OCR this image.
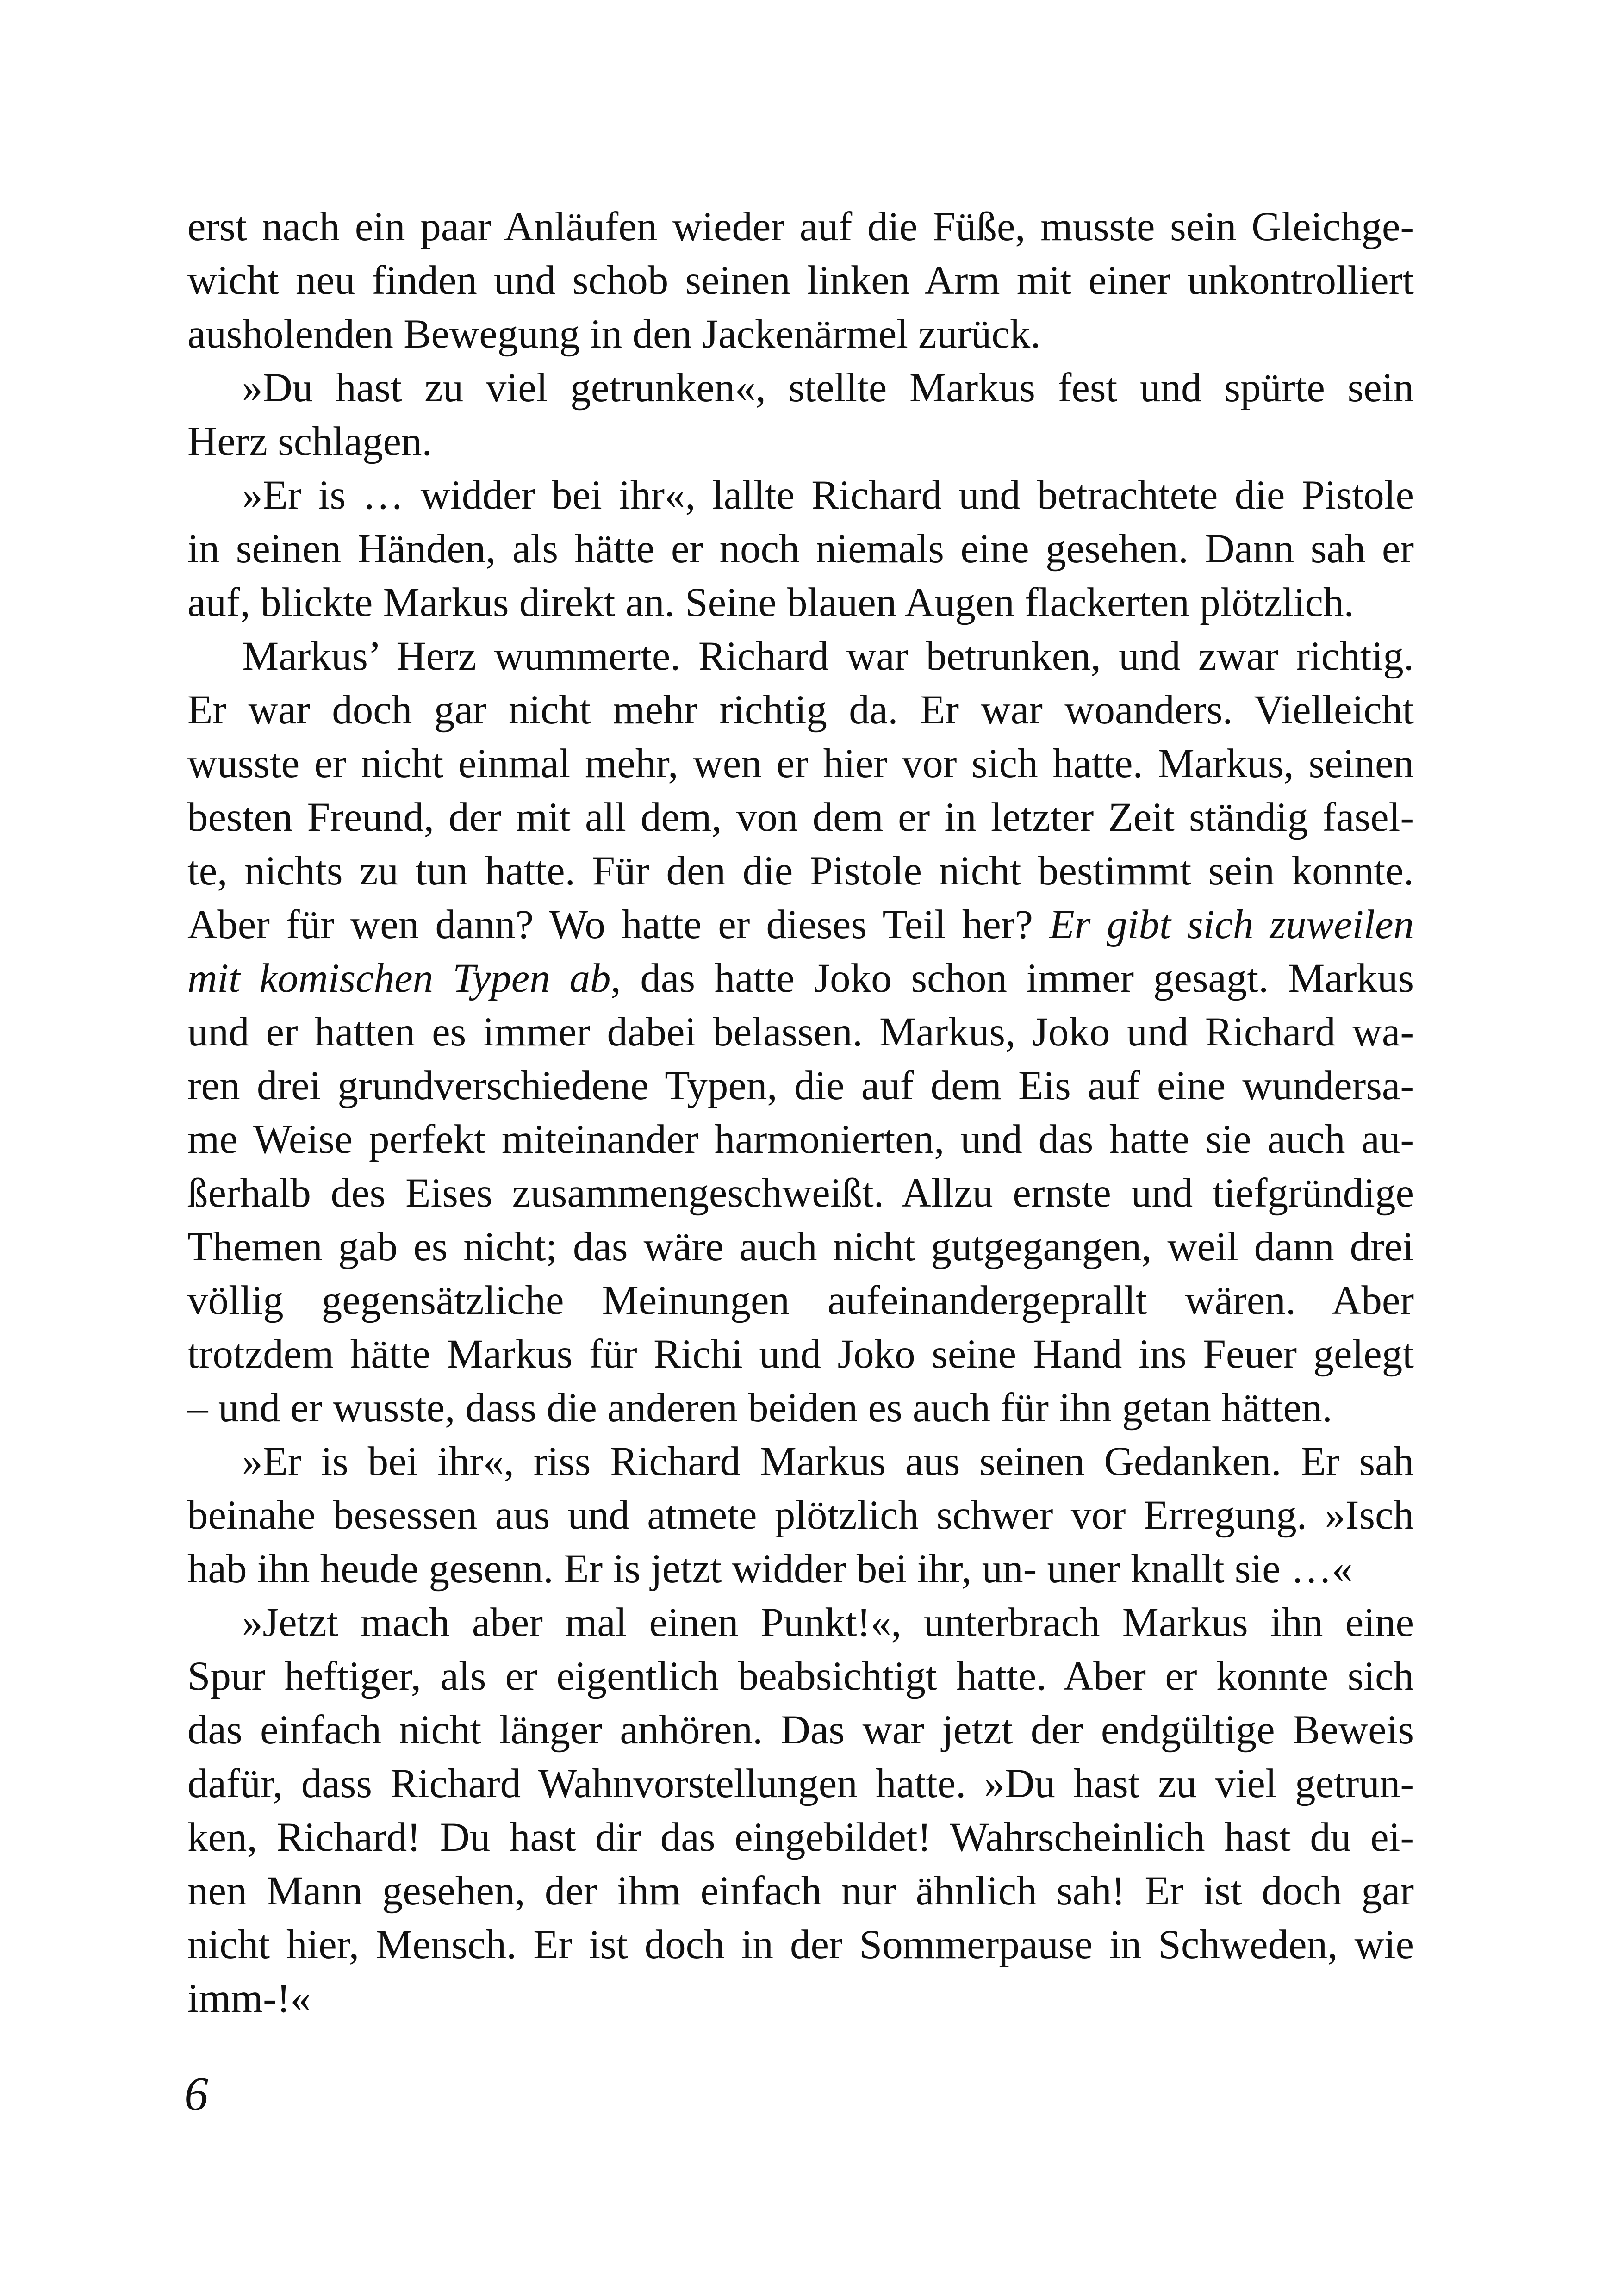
erst nach ein paar Anläufen wieder auf die Füße, musste sein Gleichge-
wicht neu finden und schob seinen linken Arm mit einer unkontrolliert
ausholenden Bewegung in den Jackenärmel zurück.
»Du hast zu viel getrunken«, stellte Markus fest und spürte sein
Herz schlagen.
»Er is … widder bei ihr«, lallte Richard und betrachtete die Pistole
in seinen Händen, als hätte er noch niemals eine gesehen. Dann sah er
auf, blickte Markus direkt an. Seine blauen Augen flackerten plötzlich.
Markus’ Herz wummerte. Richard war betrunken, und zwar richtig.
Er war doch gar nicht mehr richtig da. Er war woanders. Vielleicht
wusste er nicht einmal mehr, wen er hier vor sich hatte. Markus, seinen
besten Freund, der mit all dem, von dem er in letzter Zeit ständig fasel-
te, nichts zu tun hatte. Für den die Pistole nicht bestimmt sein konnte.
Aber für wen dann? Wo hatte er dieses Teil her? Er gibt sich zuweilen
mit komischen Typen ab, das hatte Joko schon immer gesagt. Markus
und er hatten es immer dabei belassen. Markus, Joko und Richard wa-
ren drei grundverschiedene Typen, die auf dem Eis auf eine wundersa-
me Weise perfekt miteinander harmonierten, und das hatte sie auch au-
ßerhalb des Eises zusammengeschweißt. Allzu ernste und tiefgründige
Themen gab es nicht; das wäre auch nicht gutgegangen, weil dann drei
völlig gegensätzliche Meinungen aufeinandergeprallt wären. Aber
trotzdem hätte Markus für Richi und Joko seine Hand ins Feuer gelegt
– und er wusste, dass die anderen beiden es auch für ihn getan hätten.
»Er is bei ihr«, riss Richard Markus aus seinen Gedanken. Er sah
beinahe besessen aus und atmete plötzlich schwer vor Erregung. »Isch
hab ihn heude gesenn. Er is jetzt widder bei ihr, un- uner knallt sie …«
»Jetzt mach aber mal einen Punkt!«, unterbrach Markus ihn eine
Spur heftiger, als er eigentlich beabsichtigt hatte. Aber er konnte sich
das einfach nicht länger anhören. Das war jetzt der endgültige Beweis
dafür, dass Richard Wahnvorstellungen hatte. »Du hast zu viel getrun-
ken, Richard! Du hast dir das eingebildet! Wahrscheinlich hast du ei-
nen Mann gesehen, der ihm einfach nur ähnlich sah! Er ist doch gar
nicht hier, Mensch. Er ist doch in der Sommerpause in Schweden, wie
imm-!«
6
